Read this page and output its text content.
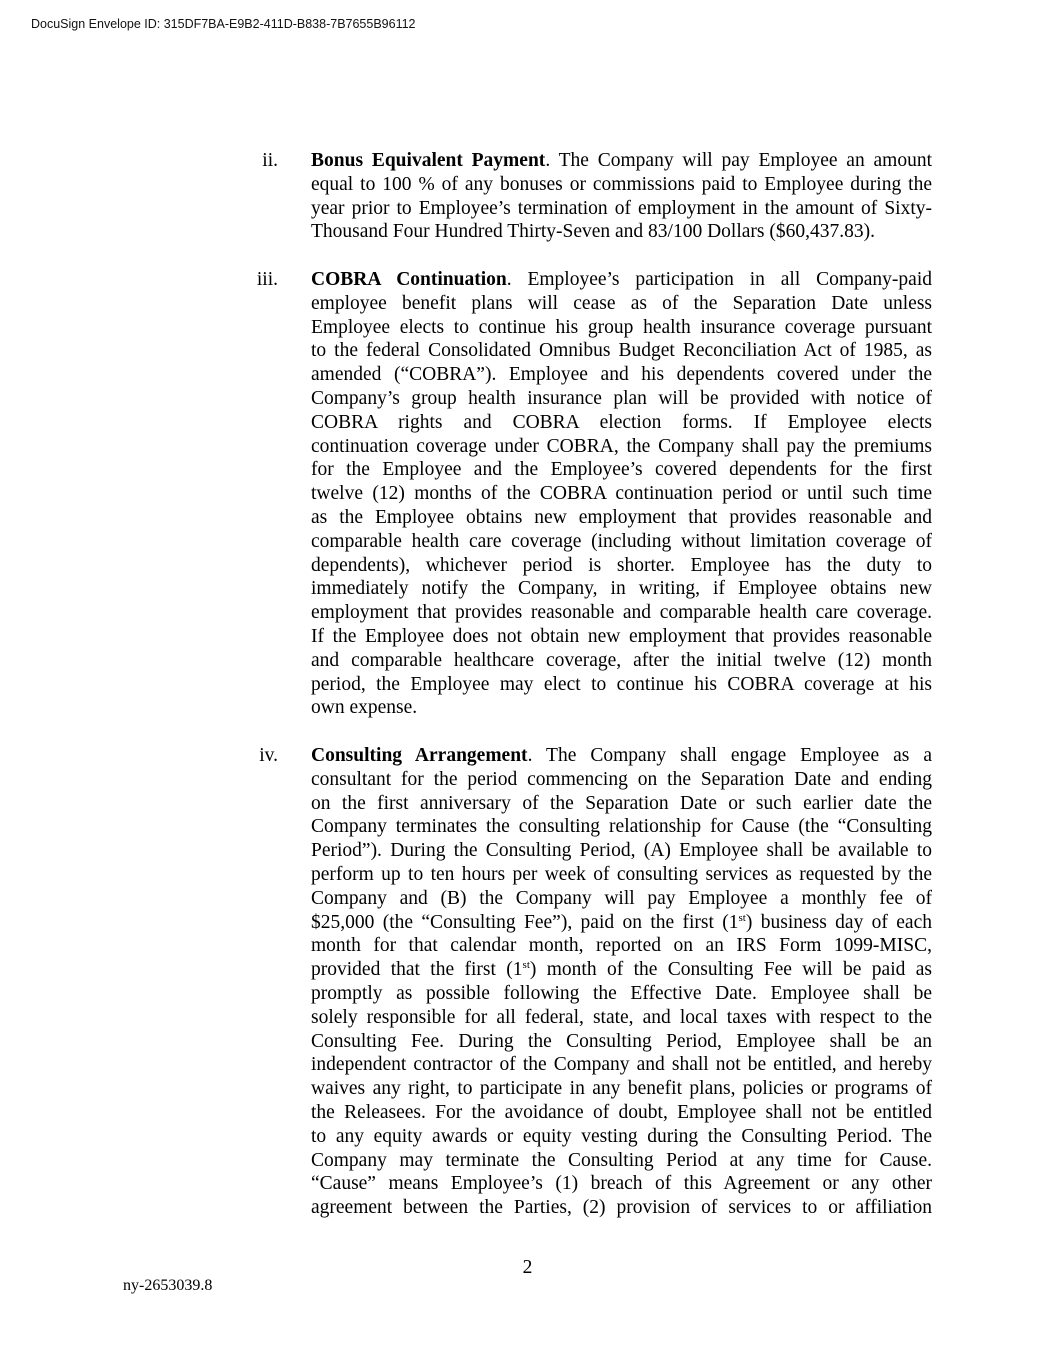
DocuSign Envelope ID: 315DF7BA-E9B2-411D-B838-7B7655B96112
ii. Bonus Equivalent Payment. The Company will pay Employee an amount
equal to 100 % of any bonuses or commissions paid to Employee during the
year prior to Employee’s termination of employment in the amount of Sixty-
Thousand Four Hundred Thirty-Seven and 83/100 Dollars ($60,437.83).
iii. COBRA Continuation. Employee’s participation in all Company-paid
employee benefit plans will cease as of the Separation Date unless
Employee elects to continue his group health insurance coverage pursuant
to the federal Consolidated Omnibus Budget Reconciliation Act of 1985, as
amended (“COBRA”). Employee and his dependents covered under the
Company’s group health insurance plan will be provided with notice of
COBRA rights and COBRA election forms. If Employee elects
continuation coverage under COBRA, the Company shall pay the premiums
for the Employee and the Employee’s covered dependents for the first
twelve (12) months of the COBRA continuation period or until such time
as the Employee obtains new employment that provides reasonable and
comparable health care coverage (including without limitation coverage of
dependents), whichever period is shorter. Employee has the duty to
immediately notify the Company, in writing, if Employee obtains new
employment that provides reasonable and comparable health care coverage.
If the Employee does not obtain new employment that provides reasonable
and comparable healthcare coverage, after the initial twelve (12) month
period, the Employee may elect to continue his COBRA coverage at his
own expense.
iv. Consulting Arrangement. The Company shall engage Employee as a
consultant for the period commencing on the Separation Date and ending
on the first anniversary of the Separation Date or such earlier date the
Company terminates the consulting relationship for Cause (the “Consulting
Period”). During the Consulting Period, (A) Employee shall be available to
perform up to ten hours per week of consulting services as requested by the
Company and (B) the Company will pay Employee a monthly fee of
$25,000 (the “Consulting Fee”), paid on the first (1st) business day of each
month for that calendar month, reported on an IRS Form 1099-MISC,
provided that the first (1st) month of the Consulting Fee will be paid as
promptly as possible following the Effective Date. Employee shall be
solely responsible for all federal, state, and local taxes with respect to the
Consulting Fee. During the Consulting Period, Employee shall be an
independent contractor of the Company and shall not be entitled, and hereby
waives any right, to participate in any benefit plans, policies or programs of
the Releasees. For the avoidance of doubt, Employee shall not be entitled
to any equity awards or equity vesting during the Consulting Period. The
Company may terminate the Consulting Period at any time for Cause.
“Cause” means Employee’s (1) breach of this Agreement or any other
agreement between the Parties, (2) provision of services to or affiliation
2
ny-2653039.8
